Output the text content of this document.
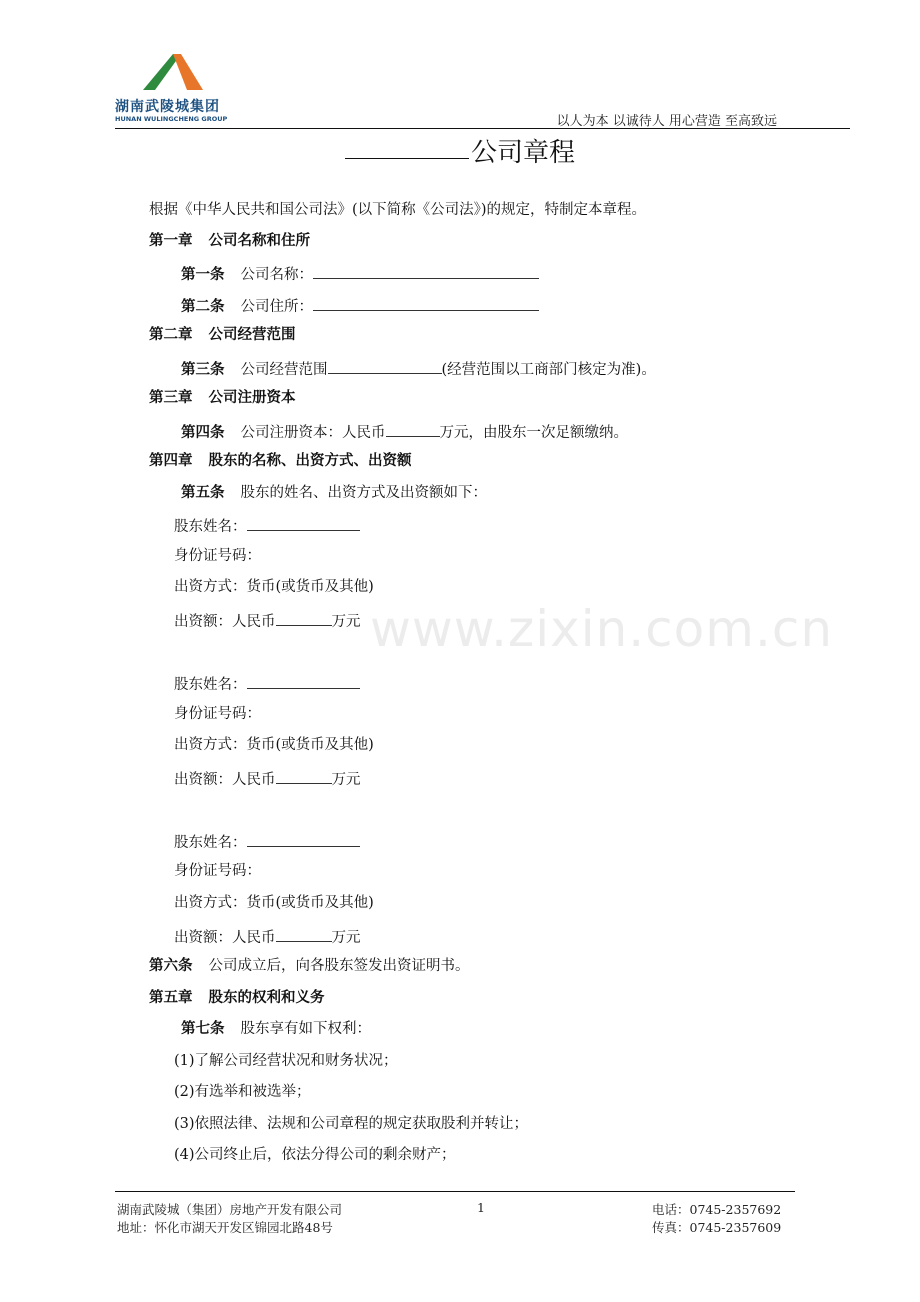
湖南武陵城集团
HUNAN WULINGCHENG GROUP	以人为本 以诚待人 用心营造 至高致远
公司章程
根据《中华人民共和国公司法》(以下简称《公司法》)的规定，特制定本章程。
第一章 公司名称和住所
第一条 公司名称：
第二条 公司住所：
第二章 公司经营范围
第三条 公司经营范围	(经营范围以工商部门核定为准)。
第三章 公司注册资本
第四条 公司注册资本：人民币	万元，由股东一次足额缴纳。
第四章 股东的名称、出资方式、出资额
第五条 股东的姓名、出资方式及出资额如下：
股东姓名：
身份证号码：
出资方式：货币(或货币及其他)
出资额：人民币	万元
股东姓名：
身份证号码：
出资方式：货币(或货币及其他)
出资额：人民币	万元
股东姓名：
身份证号码：
出资方式：货币(或货币及其他)
出资额：人民币	万元
第六条 公司成立后，向各股东签发出资证明书。
第五章 股东的权利和义务
第七条 股东享有如下权利：
(1)了解公司经营状况和财务状况；
(2)有选举和被选举；
(3)依照法律、法规和公司章程的规定获取股利并转让；
(4)公司终止后，依法分得公司的剩余财产；
www.zixin.com.cn
湖南武陵城（集团）房地产开发有限公司
地址：怀化市湖天开发区锦园北路48号
1	电话：0745-2357692
传真：0745-2357609
